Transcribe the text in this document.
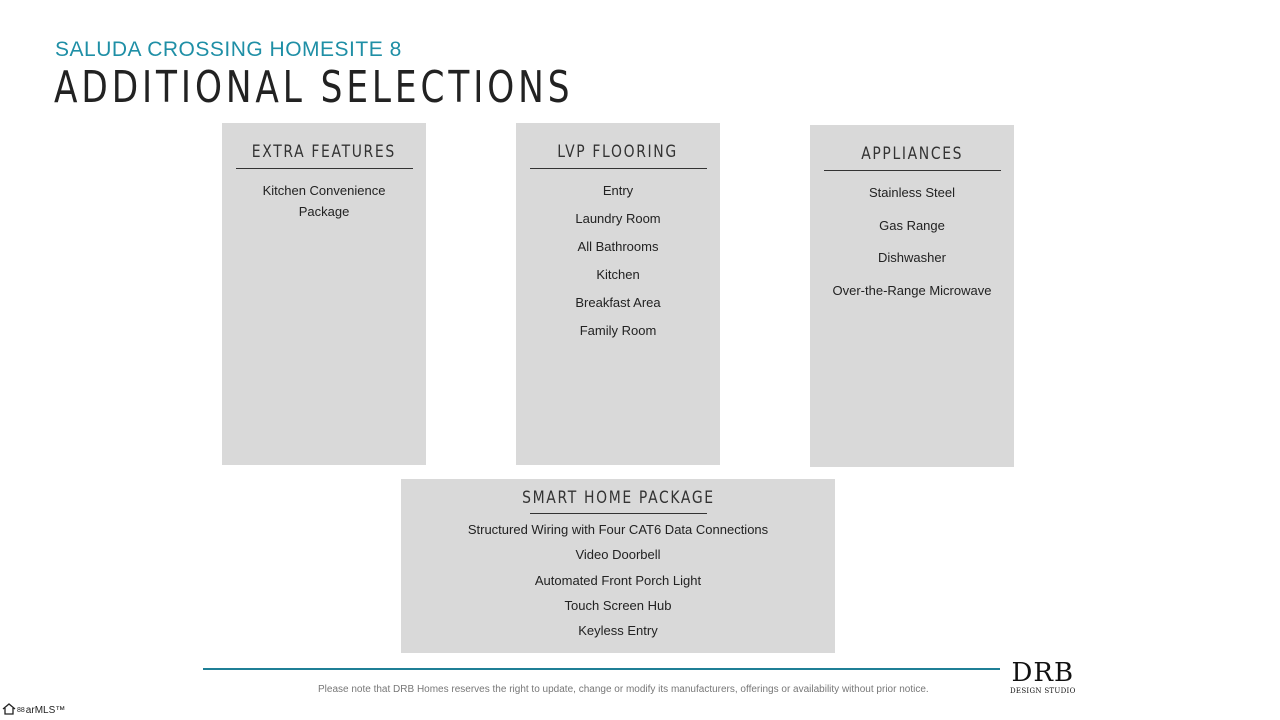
SALUDA CROSSING HOMESITE 8
ADDITIONAL SELECTIONS
EXTRA FEATURES
Kitchen Convenience
Package
LVP FLOORING
Entry
Laundry Room
All Bathrooms
Kitchen
Breakfast Area
Family Room
APPLIANCES
Stainless Steel
Gas Range
Dishwasher
Over-the-Range Microwave
SMART HOME PACKAGE
Structured Wiring with Four CAT6 Data Connections
Video Doorbell
Automated Front Porch Light
Touch Screen Hub
Keyless Entry
Please note that DRB Homes reserves the right to update, change or modify its manufacturers, offerings or availability without prior notice.
DRB
DESIGN STUDIO
88 arMLS™
